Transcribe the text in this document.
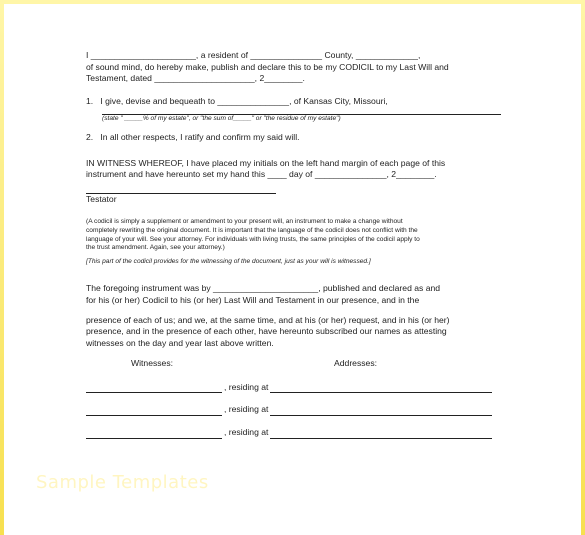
I ______________________, a resident of _______________ County, _____________,

of sound mind, do hereby make, publish and declare this to be my CODICIL to my Last Will and

Testament, dated _____________________, 2________.

1.   I give, devise and bequeath to _______________, of Kansas City, Missouri,

(state " _____% of my estate", or "the sum of_____" or "the residue of my estate")

2.   In all other respects, I ratify and confirm my said will.

IN WITNESS WHEREOF, I have placed my initials on the left hand margin of each page of this

instrument and have hereunto set my hand this ____ day of _______________, 2________.

Testator

(A codicil is simply a supplement or amendment to your present will, an instrument to make a change without

completely rewriting the original document. It is important that the language of the codicil does not conflict with the

language of your will. See your attorney. For individuals with living trusts, the same principles of the codicil apply to

the trust amendment. Again, see your attorney.)

[This part of the codicil provides for the witnessing of the document, just as your will is witnessed.]

The foregoing instrument was by ______________________, published and declared as and

for his (or her) Codicil to his (or her) Last Will and Testament in our presence, and in the

presence of each of us; and we, at the same time, and at his (or her) request, and in his (or her)

presence, and in the presence of each other, have hereunto subscribed our names as attesting

witnesses on the day and year last above written.

Witnesses:	Addresses:
, residing at
, residing at
, residing at
Sample Templates
